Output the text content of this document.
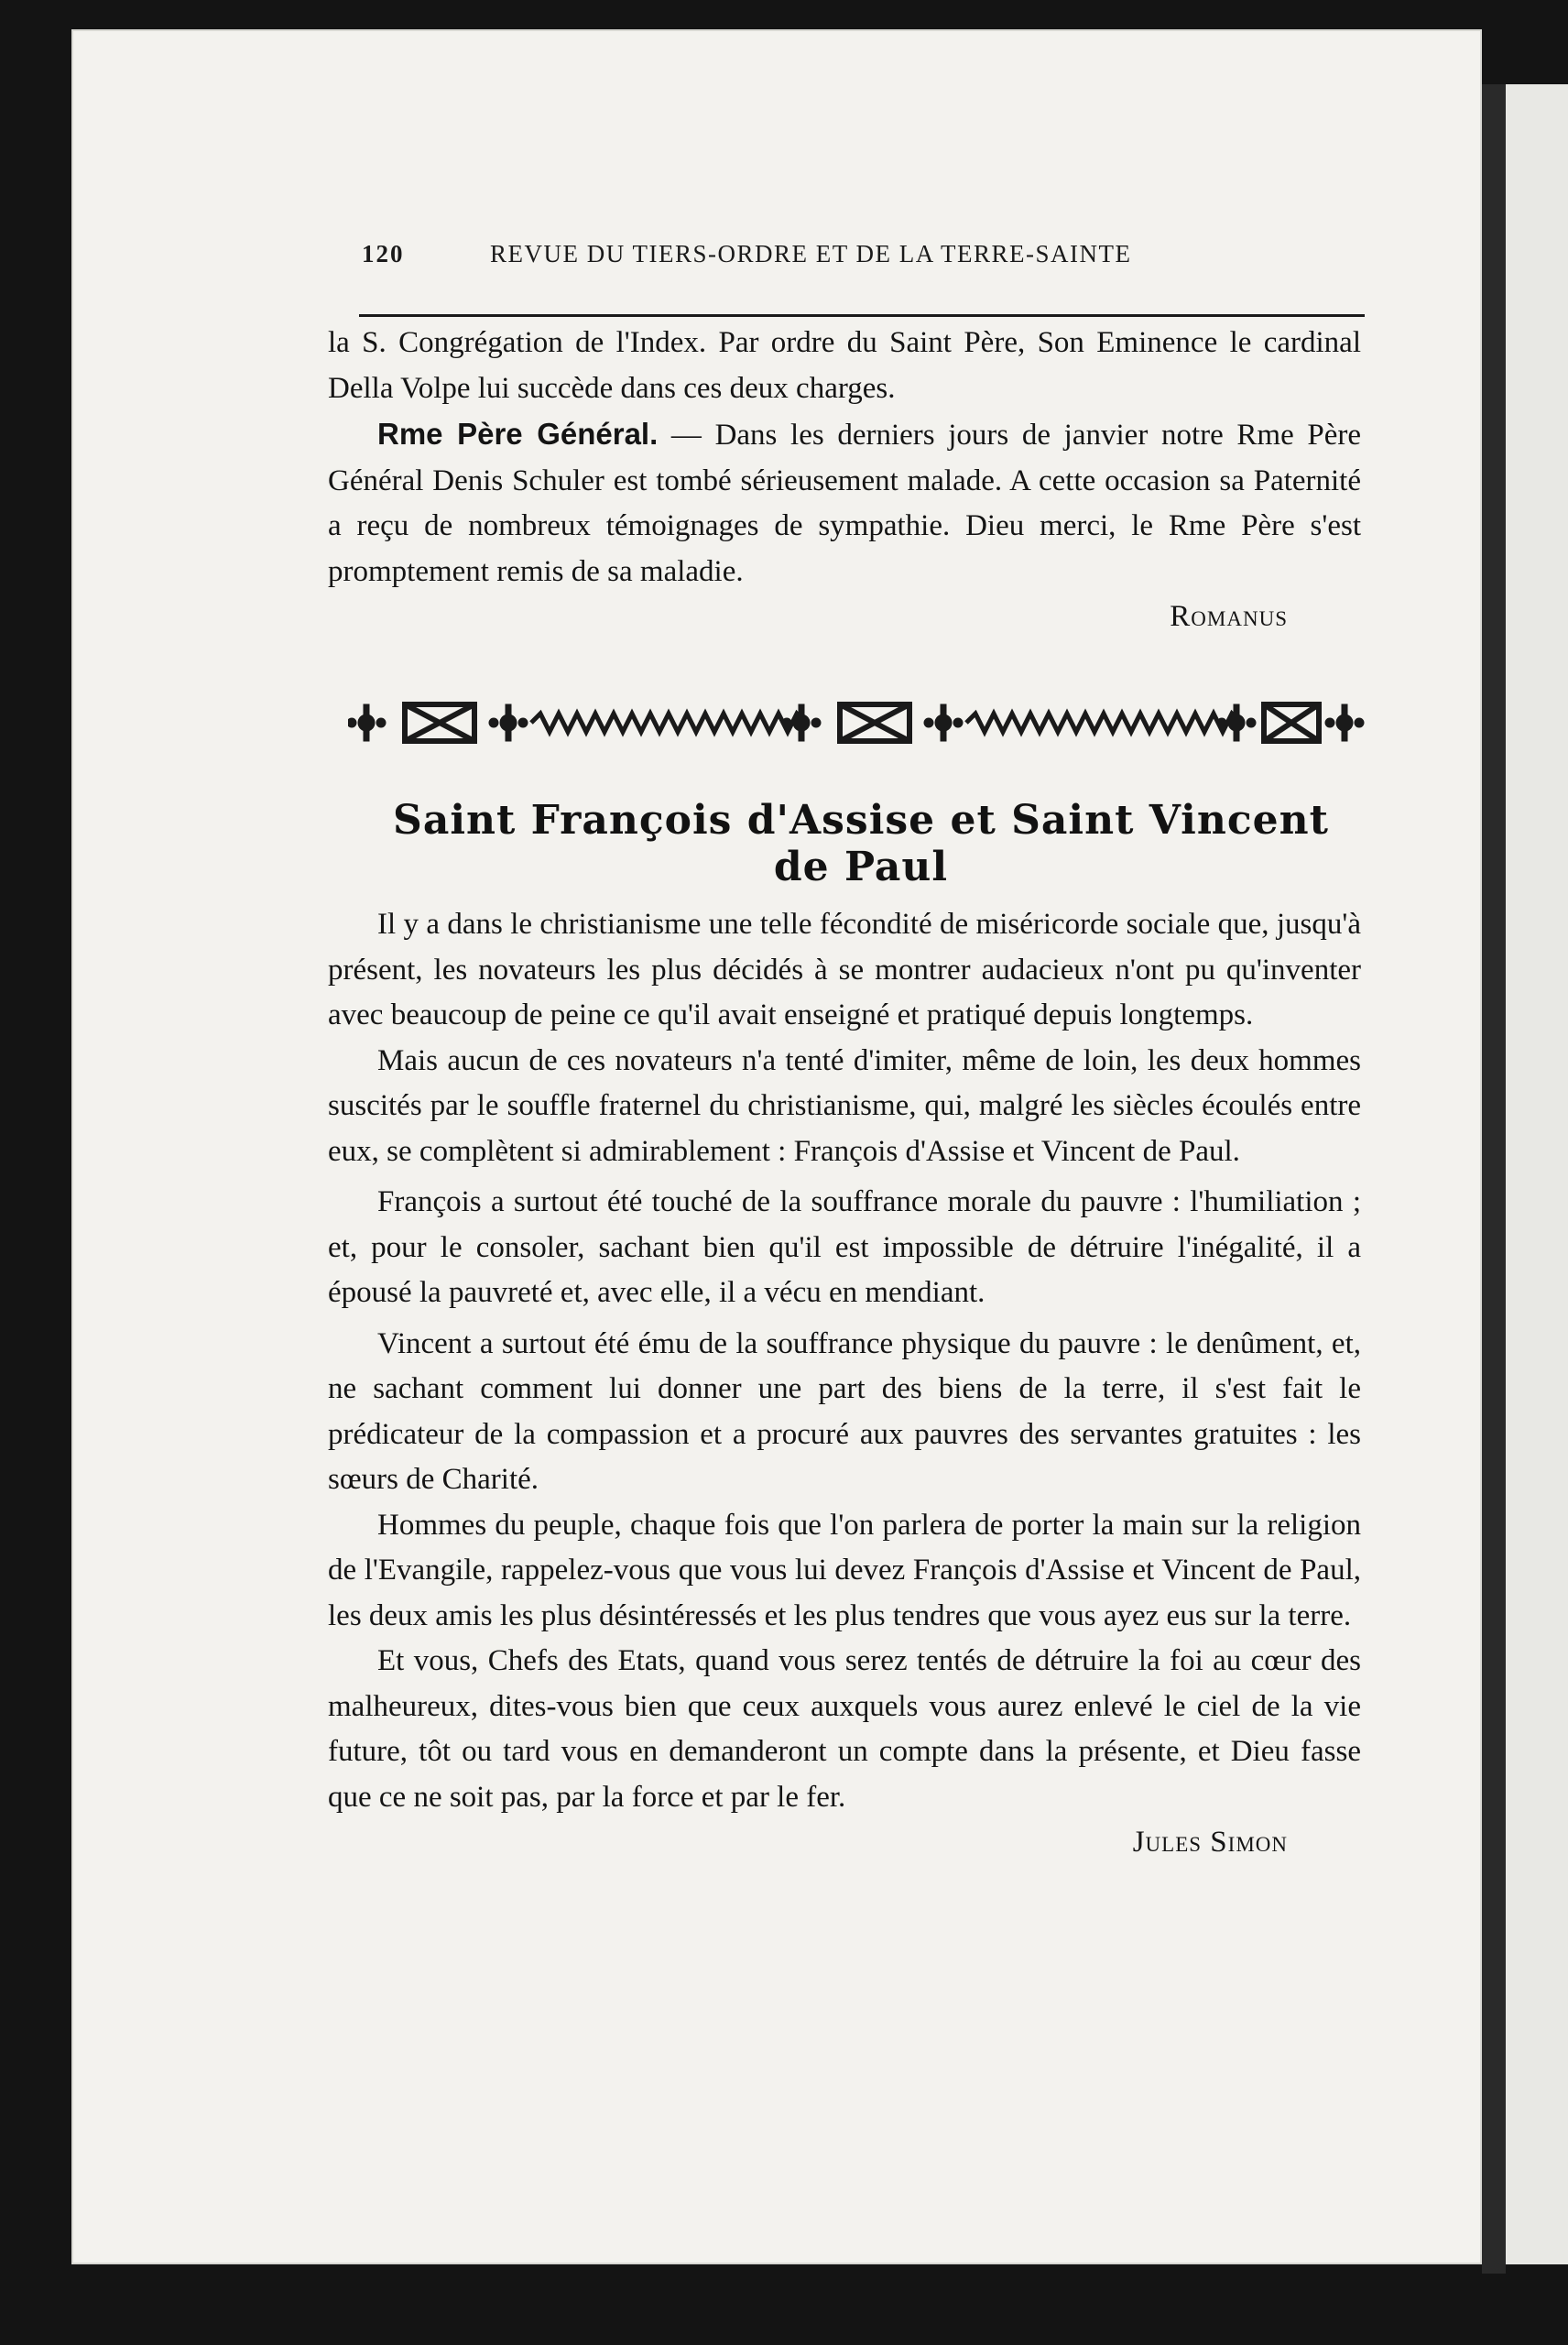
120	REVUE DU TIERS-ORDRE ET DE LA TERRE-SAINTE

la S. Congrégation de l'Index. Par ordre du Saint Père, Son Eminence le cardinal Della Volpe lui succède dans ces deux charges.

Rme Père Général. — Dans les derniers jours de janvier notre Rme Père Général Denis Schuler est tombé sérieusement malade. A cette occasion sa Paternité a reçu de nombreux témoignages de sympathie. Dieu merci, le Rme Père s'est promptement remis de sa maladie.

Romanus

Saint François d'Assise et Saint Vincent de Paul

Il y a dans le christianisme une telle fécondité de miséricorde sociale que, jusqu'à présent, les novateurs les plus décidés à se montrer audacieux n'ont pu qu'inventer avec beaucoup de peine ce qu'il avait enseigné et pratiqué depuis longtemps.

Mais aucun de ces novateurs n'a tenté d'imiter, même de loin, les deux hommes suscités par le souffle fraternel du christianisme, qui, malgré les siècles écoulés entre eux, se complètent si admirablement : François d'Assise et Vincent de Paul.

François a surtout été touché de la souffrance morale du pauvre : l'humiliation ; et, pour le consoler, sachant bien qu'il est impossible de détruire l'inégalité, il a épousé la pauvreté et, avec elle, il a vécu en mendiant.

Vincent a surtout été ému de la souffrance physique du pauvre : le denûment, et, ne sachant comment lui donner une part des biens de la terre, il s'est fait le prédicateur de la compassion et a procuré aux pauvres des servantes gratuites : les sœurs de Charité.

Hommes du peuple, chaque fois que l'on parlera de porter la main sur la religion de l'Evangile, rappelez-vous que vous lui devez François d'Assise et Vincent de Paul, les deux amis les plus désintéressés et les plus tendres que vous ayez eus sur la terre.

Et vous, Chefs des Etats, quand vous serez tentés de détruire la foi au cœur des malheureux, dites-vous bien que ceux auxquels vous aurez enlevé le ciel de la vie future, tôt ou tard vous en demanderont un compte dans la présente, et Dieu fasse que ce ne soit pas, par la force et par le fer.

Jules Simon
